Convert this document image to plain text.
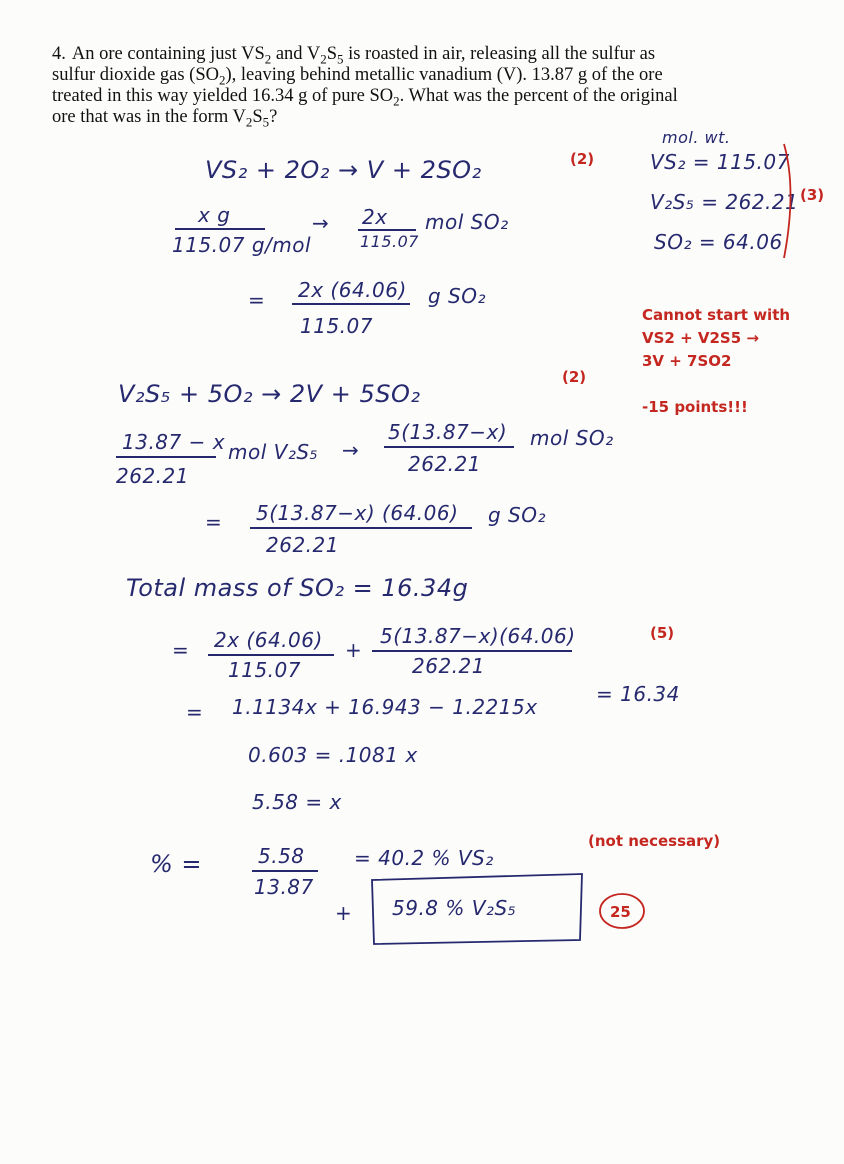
4. An ore containing just $VS_2$ and $V_2S_5$ is roasted in air, releasing all the sulfur as
sulfur dioxide gas $(SO_2)$, leaving behind metallic vanadium (V). 13.87 g of the ore
treated in this way yielded 16.34 g of pure $SO_2$. What was the percent of the original
ore that was in the form $V_2S_5$?
mol. wt.
VS₂ = 115.07
V₂S₅ = 262.21
SO₂ = 64.06
VS₂ + 2O₂ → V + 2SO₂
x g
115.07 g/mol
→ 2x
115.07
mol SO₂
= 2x (64.06)
115.07
g SO₂
V₂S₅ + 5O₂ → 2V + 5SO₂
13.87 − x
262.21
mol V₂S₅ →
5(13.87−x)
262.21
mol SO₂
= 5(13.87−x) (64.06)
262.21
g SO₂
Total mass of SO₂ = 16.34g
= 2x (64.06)
115.07
+
5(13.87−x)(64.06)
262.21
= 1.1134x + 16.943 − 1.2215x
= 16.34
0.603 = .1081 x
5.58 = x
% =	5.58
13.87
= 40.2 % VS₂
+ 59.8 % V₂S₅
(2)
(3)
Cannot start with
VS2 + V2S5 →
3V + 7SO2
(2)
-15 points!!!
(5)
(not necessary)
25
